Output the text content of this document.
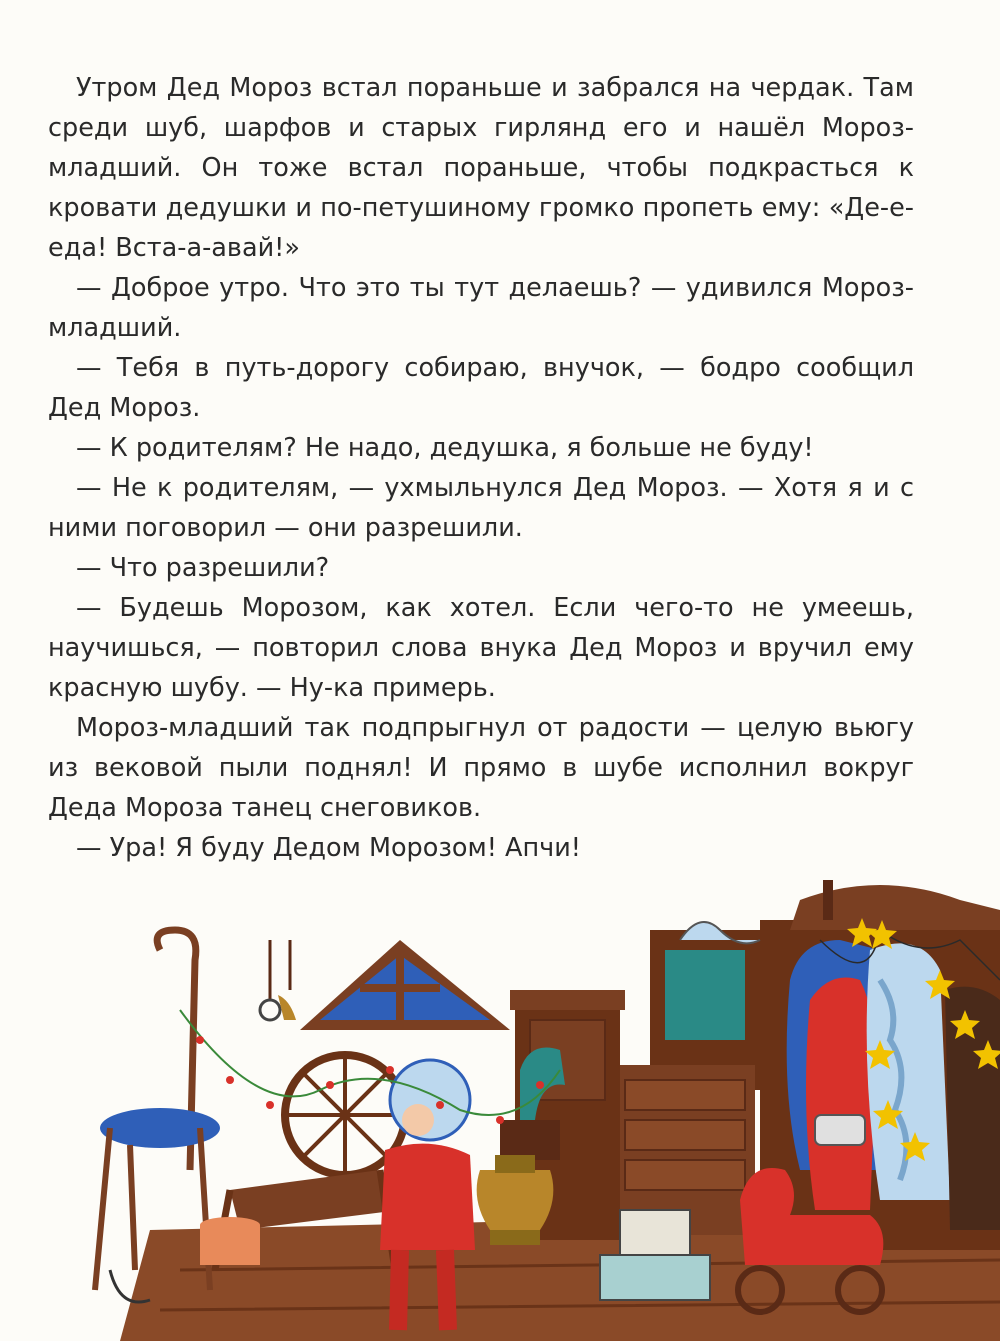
Утром Дед Мороз встал пораньше и забрался на чердак. Там среди шуб, шарфов и старых гирлянд его и нашёл Мороз-младший. Он тоже встал пораньше, чтобы подкрасться к кровати дедушки и по-петушиному громко пропеть ему: «Де-е-еда! Вста-а-авай!»

— Доброе утро. Что это ты тут делаешь? — удивился Мороз-младший.

— Тебя в путь-дорогу собираю, внучок, — бодро сообщил Дед Мороз.

— К родителям? Не надо, дедушка, я больше не буду!

— Не к родителям, — ухмыльнулся Дед Мороз. — Хотя я и с ними поговорил — они разрешили.

— Что разрешили?

— Будешь Морозом, как хотел. Если чего-то не умеешь, научишься, — повторил слова внука Дед Мороз и вручил ему красную шубу. — Ну-ка примерь.

Мороз-младший так подпрыгнул от радости — целую вьюгу из вековой пыли поднял! И прямо в шубе исполнил вокруг Деда Мороза танец снеговиков.

— Ура! Я буду Дедом Морозом! Апчи!
